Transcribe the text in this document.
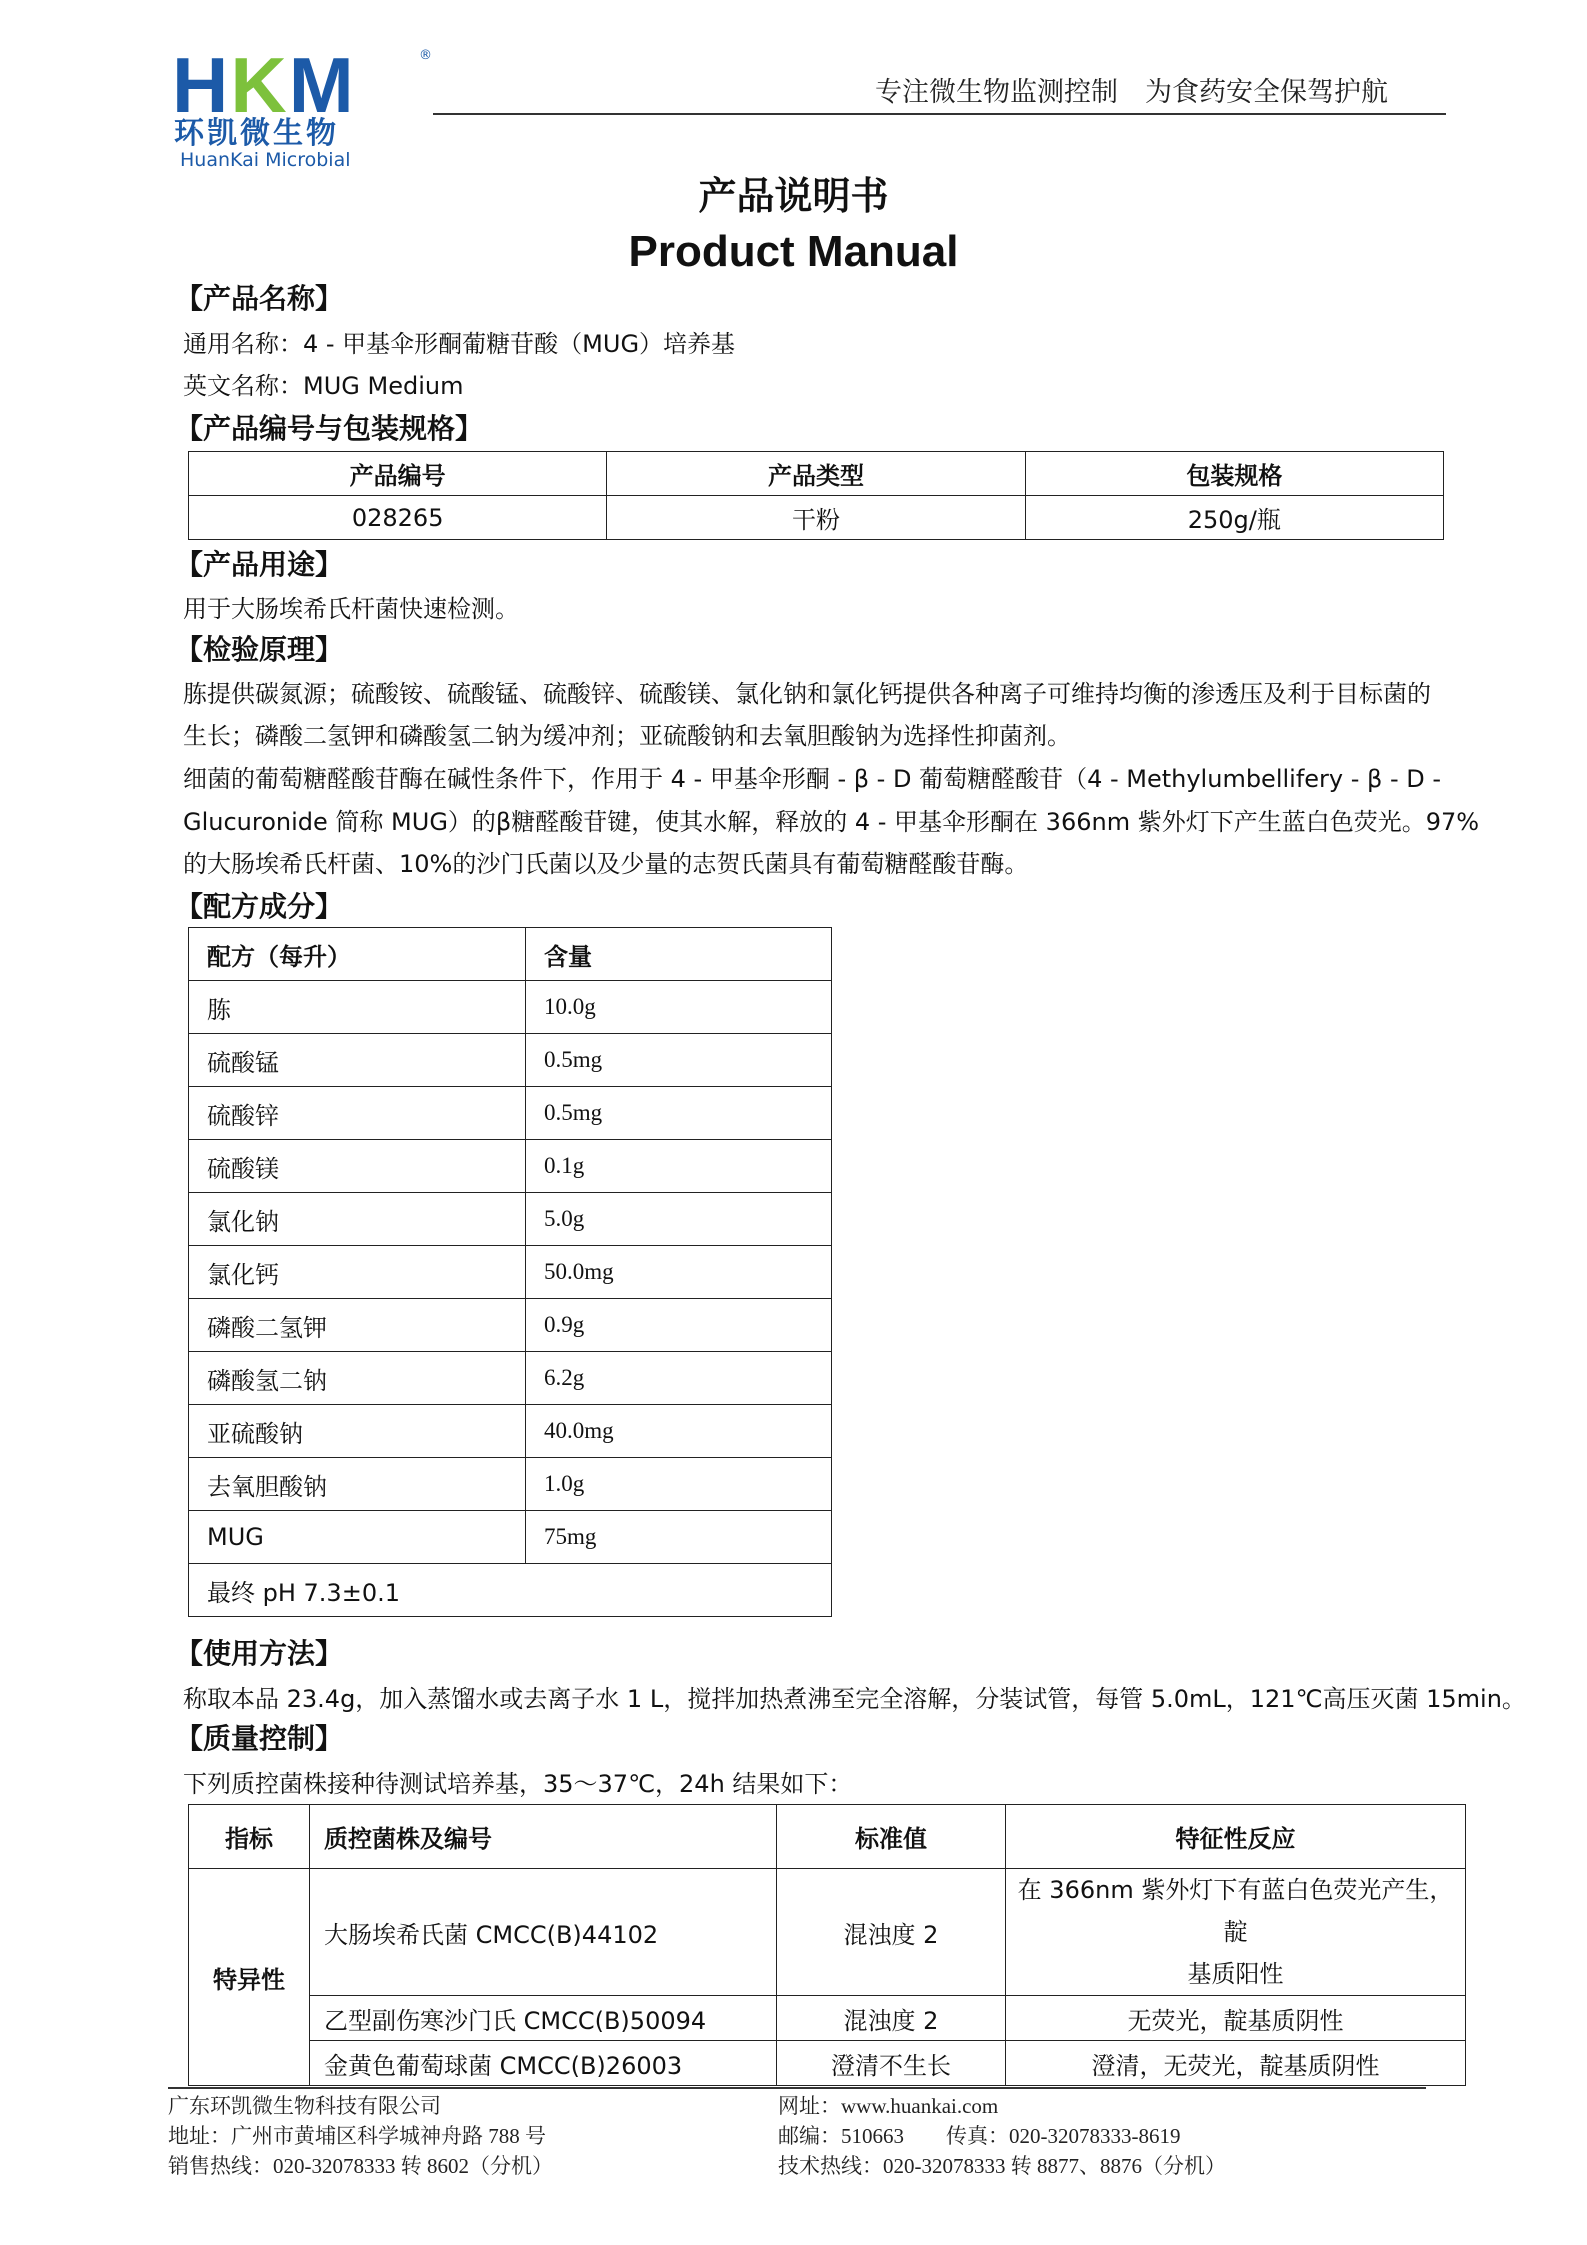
HKM	®
环凯微生物
HuanKai Microbial
专注微生物监测控制　为食药安全保驾护航
产品说明书
Product Manual
【产品名称】
通用名称：4 - 甲基伞形酮葡糖苷酸（MUG）培养基
英文名称：MUG Medium
【产品编号与包装规格】
产品编号	产品类型	包装规格
028265	干粉	250g/瓶
【产品用途】
用于大肠埃希氏杆菌快速检测。
【检验原理】
胨提供碳氮源；硫酸铵、硫酸锰、硫酸锌、硫酸镁、氯化钠和氯化钙提供各种离子可维持均衡的渗透压及利于目标菌的
生长；磷酸二氢钾和磷酸氢二钠为缓冲剂；亚硫酸钠和去氧胆酸钠为选择性抑菌剂。
细菌的葡萄糖醛酸苷酶在碱性条件下，作用于 4 - 甲基伞形酮 - β - D 葡萄糖醛酸苷（4 - Methylumbellifery - β - D -
Glucuronide 简称 MUG）的β糖醛酸苷键，使其水解，释放的 4 - 甲基伞形酮在 366nm 紫外灯下产生蓝白色荧光。97%
的大肠埃希氏杆菌、10%的沙门氏菌以及少量的志贺氏菌具有葡萄糖醛酸苷酶。
【配方成分】
配方（每升）	含量
胨	10.0g
硫酸锰	0.5mg
硫酸锌	0.5mg
硫酸镁	0.1g
氯化钠	5.0g
氯化钙	50.0mg
磷酸二氢钾	0.9g
磷酸氢二钠	6.2g
亚硫酸钠	40.0mg
去氧胆酸钠	1.0g
MUG	75mg
最终 pH 7.3±0.1	
【使用方法】
称取本品 23.4g，加入蒸馏水或去离子水 1 L，搅拌加热煮沸至完全溶解，分装试管，每管 5.0mL，121℃高压灭菌 15min。
【质量控制】
下列质控菌株接种待测试培养基，35～37℃，24h 结果如下：
指标	质控菌株及编号	标准值	特征性反应
特异性	大肠埃希氏菌 CMCC(B)44102	混浊度 2	在 366nm 紫外灯下有蓝白色荧光产生，靛
基质阳性
	乙型副伤寒沙门氏 CMCC(B)50094	混浊度 2	无荧光，靛基质阴性
	金黄色葡萄球菌 CMCC(B)26003	澄清不生长	澄清，无荧光，靛基质阴性
广东环凯微生物科技有限公司	网址：www.huankai.com
地址：广州市黄埔区科学城神舟路 788 号	邮编：510663　　传真：020-32078333-8619
销售热线：020-32078333 转 8602（分机）	技术热线：020-32078333 转 8877、8876（分机）
